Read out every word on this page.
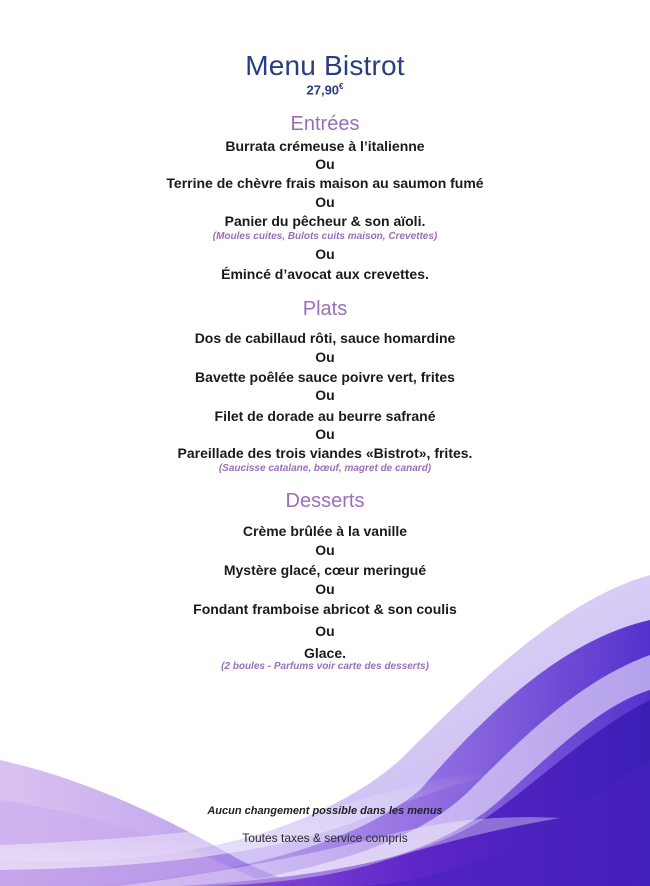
Menu Bistrot
27,90€
Entrées
Burrata crémeuse à l’italienne
Ou
Terrine de chèvre frais maison au saumon fumé
Ou
Panier du pêcheur & son aïoli.
(Moules cuites, Bulots cuits maison, Crevettes)
Ou
Émincé d’avocat aux crevettes.
Plats
Dos de cabillaud rôti, sauce homardine
Ou
Bavette poêlée sauce poivre vert, frites
Ou
Filet de dorade au beurre safrané
Ou
Pareillade des trois viandes «Bistrot», frites.
(Saucisse catalane, bœuf, magret de canard)
Desserts
Crème brûlée à la vanille
Ou
Mystère glacé, cœur meringué
Ou
Fondant framboise abricot & son coulis
Ou
Glace.
(2 boules - Parfums voir carte des desserts)
Aucun changement possible dans les menus
Toutes taxes & service compris
